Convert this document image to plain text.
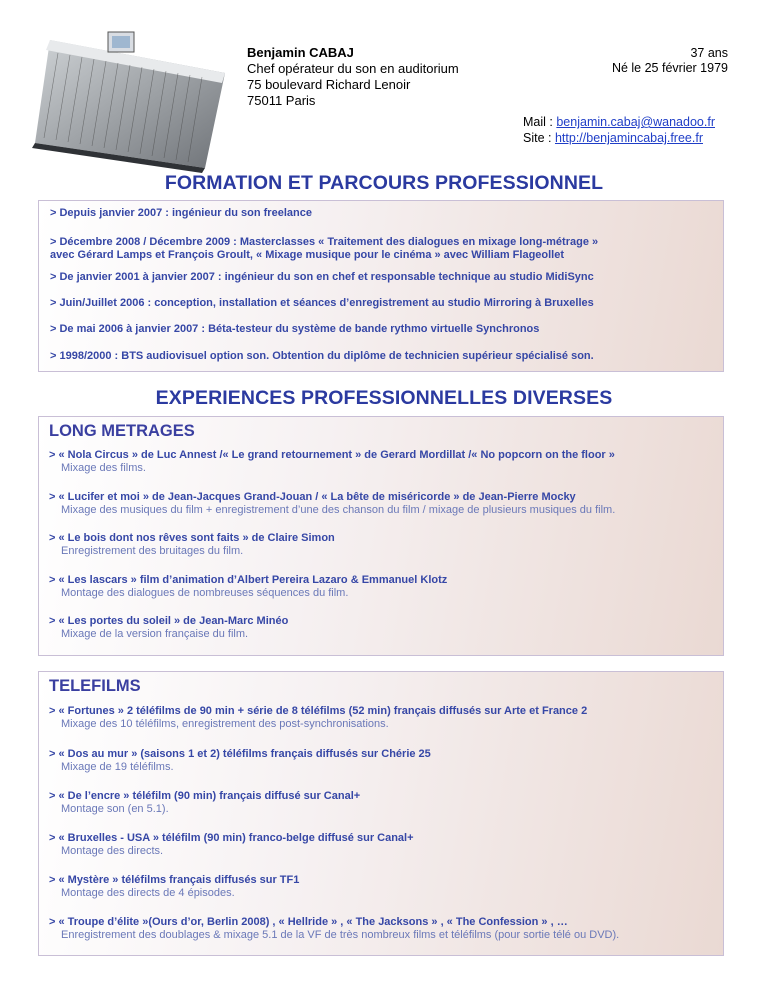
Benjamin CABAJ
Chef opérateur du son en auditorium
75 boulevard Richard Lenoir
75011 Paris
37 ans
Né le 25 février 1979
Mail : benjamin.cabaj@wanadoo.fr
Site : http://benjamincabaj.free.fr
FORMATION ET PARCOURS PROFESSIONNEL

> Depuis janvier 2007 : ingénieur du son freelance

> Décembre 2008 / Décembre 2009 : Masterclasses « Traitement des dialogues en mixage long-métrage »

avec Gérard Lamps et François Groult, « Mixage musique pour le cinéma » avec William Flageollet

> De janvier 2001 à janvier 2007 : ingénieur du son en chef et responsable technique au studio MidiSync

> Juin/Juillet 2006 : conception, installation et séances d’enregistrement au studio Mirroring à Bruxelles

> De mai 2006 à janvier 2007 : Béta-testeur du système de bande rythmo virtuelle Synchronos

> 1998/2000 : BTS audiovisuel option son. Obtention du diplôme de technicien supérieur spécialisé son.

EXPERIENCES PROFESSIONNELLES DIVERSES
LONG METRAGES
> « Nola Circus » de Luc Annest /« Le grand retournement » de Gerard Mordillat /« No popcorn on the floor »
Mixage des films.
> « Lucifer et moi » de Jean-Jacques Grand-Jouan / « La bête de miséricorde » de Jean-Pierre Mocky
Mixage des musiques du film + enregistrement d’une des chanson du film / mixage de plusieurs musiques du film.
> « Le bois dont nos rêves sont faits » de Claire Simon
Enregistrement des bruitages du film.
> « Les lascars » film d’animation d’Albert Pereira Lazaro & Emmanuel Klotz
Montage des dialogues de nombreuses séquences du film.
> « Les portes du soleil » de Jean-Marc Minéo
Mixage de la version française du film.
TELEFILMS
> « Fortunes » 2 téléfilms de 90 min + série de 8 téléfilms (52 min) français diffusés sur Arte et France 2
Mixage des 10 téléfilms, enregistrement des post-synchronisations.
> « Dos au mur » (saisons 1 et 2) téléfilms français diffusés sur Chérie 25
Mixage de 19 téléfilms.
> « De l’encre » téléfilm (90 min) français diffusé sur Canal+
Montage son (en 5.1).
> « Bruxelles - USA » téléfilm (90 min) franco-belge diffusé sur Canal+
Montage des directs.
> « Mystère » téléfilms français diffusés sur TF1
Montage des directs de 4 épisodes.
> « Troupe d’élite »(Ours d’or, Berlin 2008) , « Hellride » , « The Jacksons » , « The Confession » , …
Enregistrement des doublages & mixage 5.1 de la VF de très nombreux films et téléfilms (pour sortie télé ou DVD).
